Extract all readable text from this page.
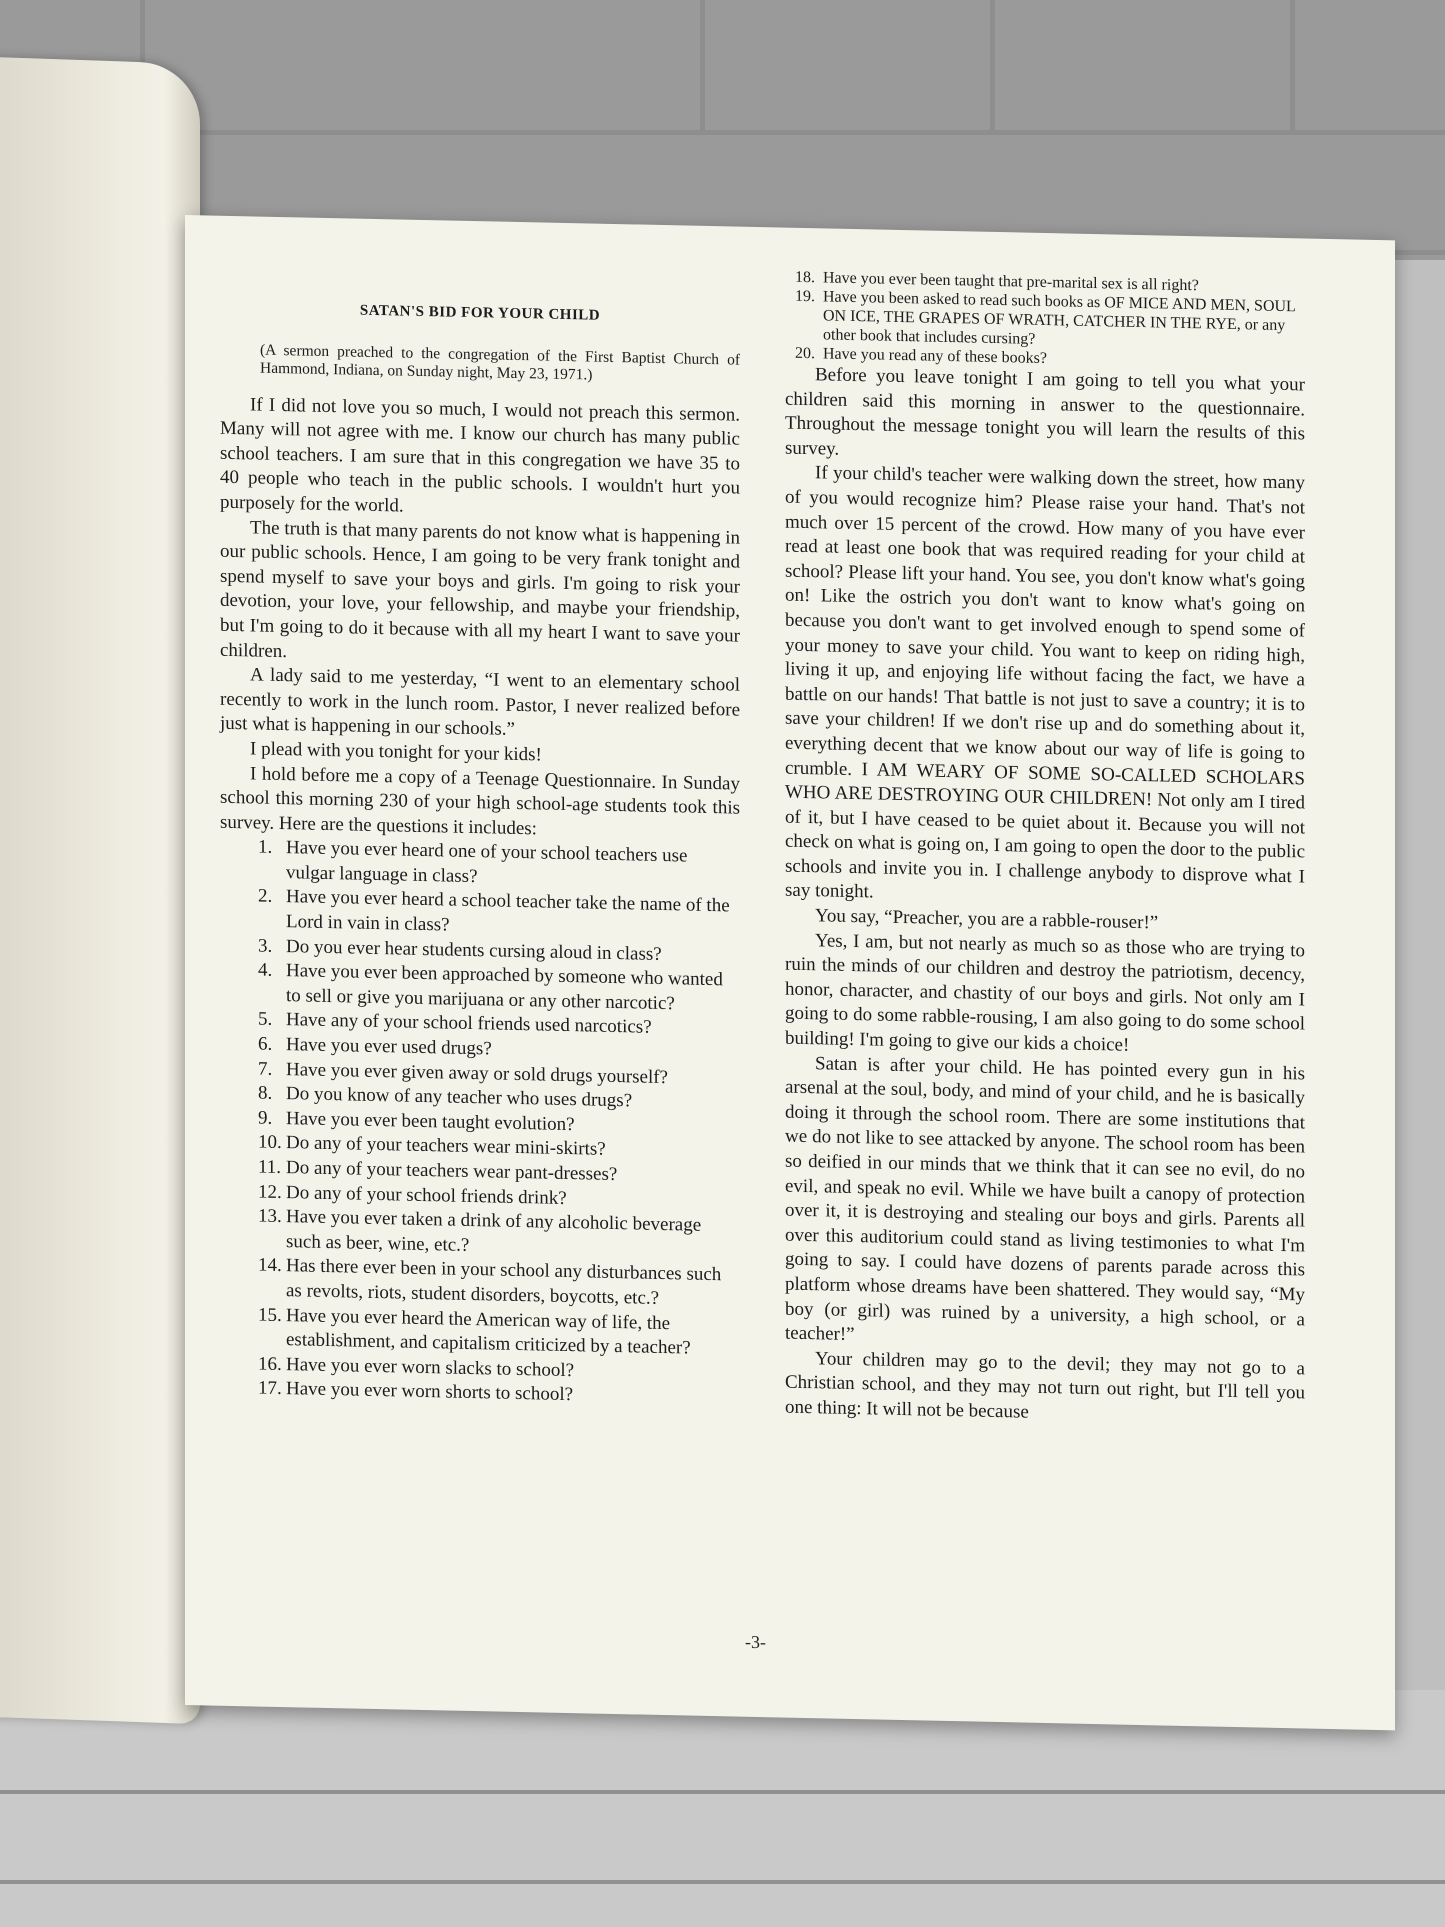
SATAN'S BID FOR YOUR CHILD
(A sermon preached to the congregation of the First Baptist Church of Hammond, Indiana, on Sunday night, May 23, 1971.)

If I did not love you so much, I would not preach this sermon. Many will not agree with me. I know our church has many public school teachers. I am sure that in this congregation we have 35 to 40 people who teach in the public schools. I wouldn't hurt you purposely for the world.

The truth is that many parents do not know what is happening in our public schools. Hence, I am going to be very frank tonight and spend myself to save your boys and girls. I'm going to risk your devotion, your love, your fellowship, and maybe your friendship, but I'm going to do it because with all my heart I want to save your children.

A lady said to me yesterday, “I went to an elementary school recently to work in the lunch room. Pastor, I never realized before just what is happening in our schools.”

I plead with you tonight for your kids!

I hold before me a copy of a Teenage Questionnaire. In Sunday school this morning 230 of your high school-age students took this survey. Here are the questions it includes:

1. Have you ever heard one of your school teachers use vulgar language in class?
2. Have you ever heard a school teacher take the name of the Lord in vain in class?
3. Do you ever hear students cursing aloud in class?
4. Have you ever been approached by someone who wanted to sell or give you marijuana or any other narcotic?
5. Have any of your school friends used narcotics?
6. Have you ever used drugs?
7. Have you ever given away or sold drugs yourself?
8. Do you know of any teacher who uses drugs?
9. Have you ever been taught evolution?
10. Do any of your teachers wear mini-skirts?
11. Do any of your teachers wear pant-dresses?
12. Do any of your school friends drink?
13. Have you ever taken a drink of any alcoholic beverage such as beer, wine, etc.?
14. Has there ever been in your school any disturbances such as revolts, riots, student disorders, boycotts, etc.?
15. Have you ever heard the American way of life, the establishment, and capitalism criticized by a teacher?
16. Have you ever worn slacks to school?
17. Have you ever worn shorts to school?
18. Have you ever been taught that pre-marital sex is all right?
19. Have you been asked to read such books as OF MICE AND MEN, SOUL ON ICE, THE GRAPES OF WRATH, CATCHER IN THE RYE, or any other book that includes cursing?
20. Have you read any of these books?

Before you leave tonight I am going to tell you what your children said this morning in answer to the questionnaire. Throughout the message tonight you will learn the results of this survey.

If your child's teacher were walking down the street, how many of you would recognize him? Please raise your hand. That's not much over 15 percent of the crowd. How many of you have ever read at least one book that was required reading for your child at school? Please lift your hand. You see, you don't know what's going on! Like the ostrich you don't want to know what's going on because you don't want to get involved enough to spend some of your money to save your child. You want to keep on riding high, living it up, and enjoying life without facing the fact, we have a battle on our hands! That battle is not just to save a country; it is to save your children! If we don't rise up and do something about it, everything decent that we know about our way of life is going to crumble. I AM WEARY OF SOME SO-CALLED SCHOLARS WHO ARE DESTROYING OUR CHILDREN! Not only am I tired of it, but I have ceased to be quiet about it. Because you will not check on what is going on, I am going to open the door to the public schools and invite you in. I challenge anybody to disprove what I say tonight.

You say, “Preacher, you are a rabble-rouser!”

Yes, I am, but not nearly as much so as those who are trying to ruin the minds of our children and destroy the patriotism, decency, honor, character, and chastity of our boys and girls. Not only am I going to do some rabble-rousing, I am also going to do some school building! I'm going to give our kids a choice!

Satan is after your child. He has pointed every gun in his arsenal at the soul, body, and mind of your child, and he is basically doing it through the school room. There are some institutions that we do not like to see attacked by anyone. The school room has been so deified in our minds that we think that it can see no evil, do no evil, and speak no evil. While we have built a canopy of protection over it, it is destroying and stealing our boys and girls. Parents all over this auditorium could stand as living testimonies to what I'm going to say. I could have dozens of parents parade across this platform whose dreams have been shattered. They would say, “My boy (or girl) was ruined by a university, a high school, or a teacher!”

Your children may go to the devil; they may not go to a Christian school, and they may not turn out right, but I'll tell you one thing: It will not be because

-3-
